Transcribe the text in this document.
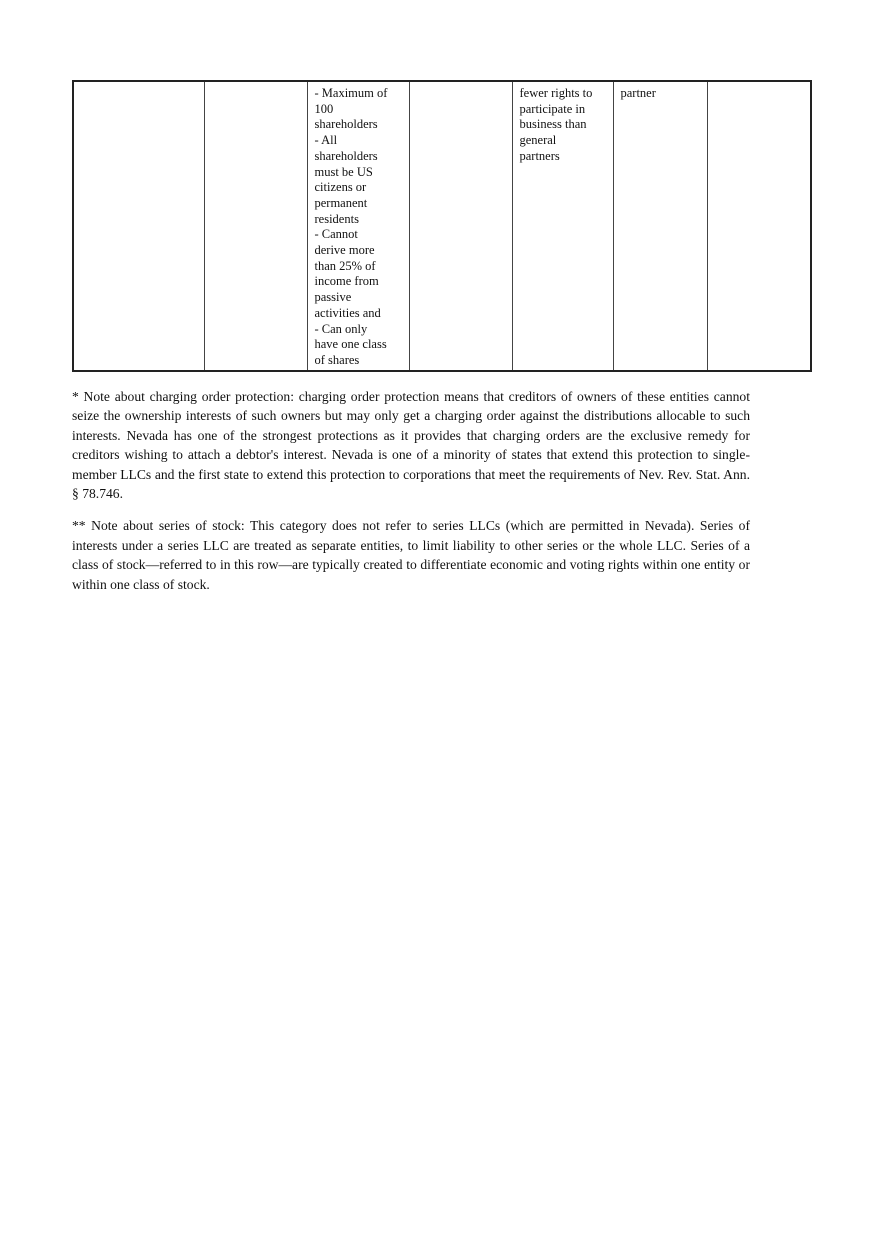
		- Maximum of
100
shareholders
- All
shareholders
must be US
citizens or
permanent
residents
- Cannot
derive more
than 25% of
income from
passive
activities and
- Can only
have one class
of shares		fewer rights to
participate in
business than
general
partners	partner	

* Note about charging order protection: charging order protection means that creditors of owners of these entities cannot seize the ownership interests of such owners but may only get a charging order against the distributions allocable to such interests. Nevada has one of the strongest protections as it provides that charging orders are the exclusive remedy for creditors wishing to attach a debtor's interest. Nevada is one of a minority of states that extend this protection to single-member LLCs and the first state to extend this protection to corporations that meet the requirements of Nev. Rev. Stat. Ann. § 78.746.

** Note about series of stock: This category does not refer to series LLCs (which are permitted in Nevada). Series of interests under a series LLC are treated as separate entities, to limit liability to other series or the whole LLC. Series of a class of stock—referred to in this row—are typically created to differentiate economic and voting rights within one entity or within one class of stock.
